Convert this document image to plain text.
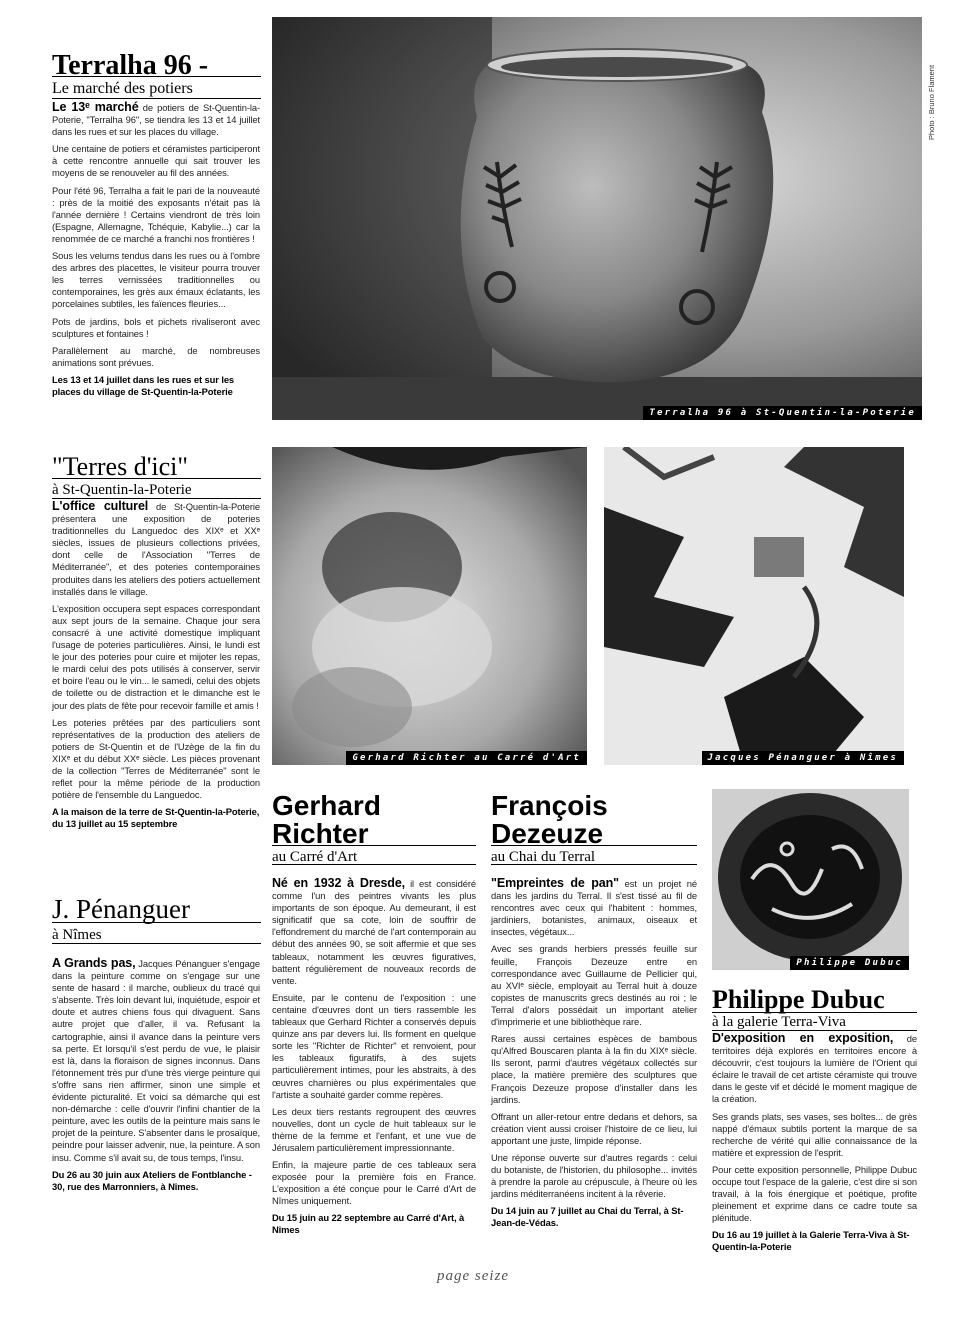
Terralha 96 -
Le marché des potiers

Le 13ᵉ marché de potiers de St-Quentin-la-Poterie, "Terralha 96", se tiendra les 13 et 14 juillet dans les rues et sur les places du village.

Une centaine de potiers et céramistes participeront à cette rencontre annuelle qui sait trouver les moyens de se renouveler au fil des années.

Pour l'été 96, Terralha a fait le pari de la nouveauté : près de la moitié des exposants n'était pas là l'année dernière ! Certains viendront de très loin (Espagne, Allemagne, Tchéquie, Kabylie...) car la renommée de ce marché a franchi nos frontières !

Sous les velums tendus dans les rues ou à l'ombre des arbres des placettes, le visiteur pourra trouver les terres vernissées traditionnelles ou contemporaines, les grès aux émaux éclatants, les porcelaines subtiles, les faïences fleuries...

Pots de jardins, bols et pichets rivaliseront avec sculptures et fontaines !

Parallèlement au marché, de nombreuses animations sont prévues.

Les 13 et 14 juillet dans les rues et sur les places du village de St-Quentin-la-Poterie
Terralha 96 à St-Quentin-la-Poterie
Photo : Bruno Flament
"Terres d'ici"
à St-Quentin-la-Poterie

L'office culturel de St-Quentin-la-Poterie présentera une exposition de poteries traditionnelles du Languedoc des XIXᵉ et XXᵉ siècles, issues de plusieurs collections privées, dont celle de l'Association "Terres de Méditerranée", et des poteries contemporaines produites dans les ateliers des potiers actuellement installés dans le village.

L'exposition occupera sept espaces correspondant aux sept jours de la semaine. Chaque jour sera consacré à une activité domestique impliquant l'usage de poteries particulières. Ainsi, le lundi est le jour des poteries pour cuire et mijoter les repas, le mardi celui des pots utilisés à conserver, servir et boire l'eau ou le vin... le samedi, celui des objets de toilette ou de distraction et le dimanche est le jour des plats de fête pour recevoir famille et amis !

Les poteries prêtées par des particuliers sont représentatives de la production des ateliers de potiers de St-Quentin et de l'Uzège de la fin du XIXᵉ et du début XXᵉ siècle. Les pièces provenant de la collection "Terres de Méditerranée" sont le reflet pour la même période de la production potière de l'ensemble du Languedoc.

A la maison de la terre de St-Quentin-la-Poterie, du 13 juillet au 15 septembre
J. Pénanguer
à Nîmes

A Grands pas, Jacques Pénanguer s'engage dans la peinture comme on s'engage sur une sente de hasard : il marche, oublieux du tracé qui s'absente. Très loin devant lui, inquiétude, espoir et doute et autres chiens fous qui divaguent. Sans autre projet que d'aller, il va. Refusant la cartographie, ainsi il avance dans la peinture vers sa perte. Et lorsqu'il s'est perdu de vue, le plaisir est là, dans la floraison de signes inconnus. Dans l'étonnement très pur d'une très vierge peinture qui s'offre sans rien affirmer, sinon une simple et évidente picturalité. Et voici sa démarche qui est non-démarche : celle d'ouvrir l'infini chantier de la peinture, avec les outils de la peinture mais sans le projet de la peinture. S'absenter dans le prosaïque, peindre pour laisser advenir, nue, la peinture. A son insu. Comme s'il avait su, de tous temps, l'insu.

Du 26 au 30 juin aux Ateliers de Fontblanche - 30, rue des Marronniers, à Nîmes.
Gerhard Richter au Carré d'Art	Jacques Pénanguer à Nîmes
Gerhard
Richter
au Carré d'Art

Né en 1932 à Dresde, il est considéré comme l'un des peintres vivants les plus importants de son époque. Au demeurant, il est significatif que sa cote, loin de souffrir de l'effondrement du marché de l'art contemporain au début des années 90, se soit affermie et que ses tableaux, notamment les œuvres figuratives, battent régulièrement de nouveaux records de vente.

Ensuite, par le contenu de l'exposition : une centaine d'œuvres dont un tiers rassemble les tableaux que Gerhard Richter a conservés depuis quinze ans par devers lui. Ils forment en quelque sorte les "Richter de Richter" et renvoient, pour les tableaux figuratifs, à des sujets particulièrement intimes, pour les abstraits, à des œuvres charnières ou plus expérimentales que l'artiste a souhaité garder comme repères.

Les deux tiers restants regroupent des œuvres nouvelles, dont un cycle de huit tableaux sur le thème de la femme et l'enfant, et une vue de Jérusalem particulièrement impressionnante.

Enfin, la majeure partie de ces tableaux sera exposée pour la première fois en France. L'exposition a été conçue pour le Carré d'Art de Nîmes uniquement.

Du 15 juin au 22 septembre au Carré d'Art, à Nîmes
François
Dezeuze
au Chai du Terral

"Empreintes de pan" est un projet né dans les jardins du Terral. Il s'est tissé au fil de rencontres avec ceux qui l'habitent : hommes, jardiniers, botanistes, animaux, oiseaux et insectes, végétaux...

Avec ses grands herbiers pressés feuille sur feuille, François Dezeuze entre en correspondance avec Guillaume de Pellicier qui, au XVIᵉ siècle, employait au Terral huit à douze copistes de manuscrits grecs destinés au roi ; le Terral d'alors possédait un important atelier d'imprimerie et une bibliothèque rare.

Rares aussi certaines espèces de bambous qu'Alfred Bouscaren planta à la fin du XIXᵉ siècle. Ils seront, parmi d'autres végétaux collectés sur place, la matière première des sculptures que François Dezeuze propose d'installer dans les jardins.

Offrant un aller-retour entre dedans et dehors, sa création vient aussi croiser l'histoire de ce lieu, lui apportant une juste, limpide réponse.

Une réponse ouverte sur d'autres regards : celui du botaniste, de l'historien, du philosophe... invités à prendre la parole au crépuscule, à l'heure où les jardins méditerranéens incitent à la rêverie.

Du 14 juin au 7 juillet au Chai du Terral, à St-Jean-de-Védas.
Philippe Dubuc
Philippe Dubuc
à la galerie Terra-Viva

D'exposition en exposition, de territoires déjà explorés en territoires encore à découvrir, c'est toujours la lumière de l'Orient qui éclaire le travail de cet artiste céramiste qui trouve dans le geste vif et décidé le moment magique de la création.

Ses grands plats, ses vases, ses boîtes... de grès nappé d'émaux subtils portent la marque de sa recherche de vérité qui allie connaissance de la matière et expression de l'esprit.

Pour cette exposition personnelle, Philippe Dubuc occupe tout l'espace de la galerie, c'est dire si son travail, à la fois énergique et poétique, profite pleinement et exprime dans ce cadre toute sa plénitude.

Du 16 au 19 juillet à la Galerie Terra-Viva à St-Quentin-la-Poterie
page seize
